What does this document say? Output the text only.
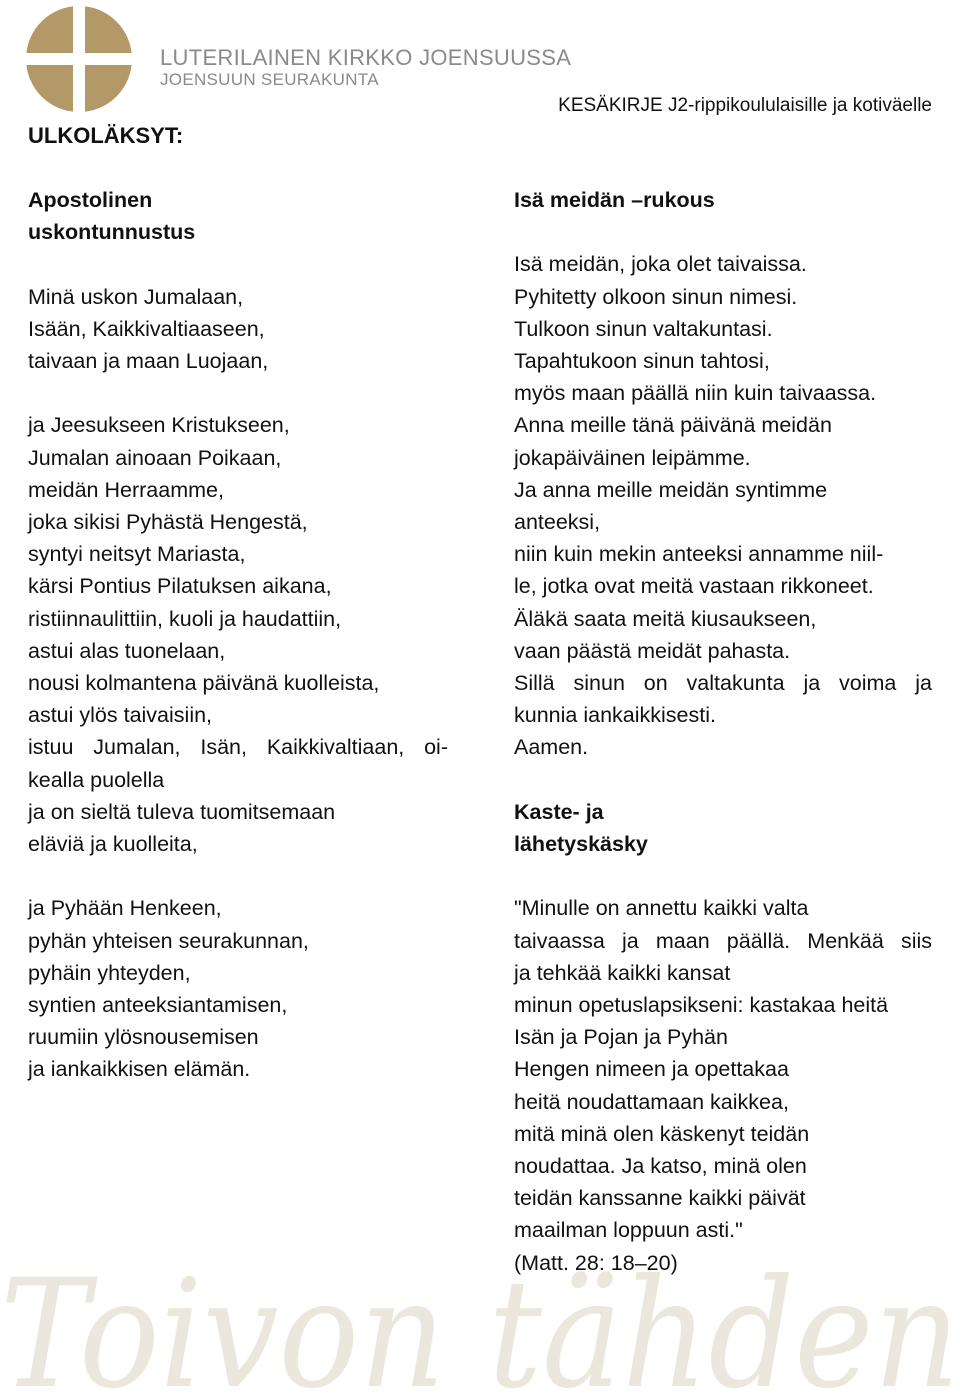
LUTERILAINEN KIRKKO JOENSUUSSA
JOENSUUN SEURAKUNTA
KESÄKIRJE J2-rippikoululaisille ja kotiväelle
ULKOLÄKSYT:
Apostolinen
uskontunnustus
Minä uskon Jumalaan,
Isään, Kaikkivaltiaaseen,
taivaan ja maan Luojaan,
ja Jeesukseen Kristukseen,
Jumalan ainoaan Poikaan,
meidän Herraamme,
joka sikisi Pyhästä Hengestä,
syntyi neitsyt Mariasta,
kärsi Pontius Pilatuksen aikana,
ristiinnaulittiin, kuoli ja haudattiin,
astui alas tuonelaan,
nousi kolmantena päivänä kuolleista,
astui ylös taivaisiin,
istuu Jumalan, Isän, Kaikkivaltiaan, oi-
kealla puolella
ja on sieltä tuleva tuomitsemaan
eläviä ja kuolleita,
ja Pyhään Henkeen,
pyhän yhteisen seurakunnan,
pyhäin yhteyden,
syntien anteeksiantamisen,
ruumiin ylösnousemisen
ja iankaikkisen elämän.
Isä meidän –rukous
Isä meidän, joka olet taivaissa.
Pyhitetty olkoon sinun nimesi.
Tulkoon sinun valtakuntasi.
Tapahtukoon sinun tahtosi,
myös maan päällä niin kuin taivaassa.
Anna meille tänä päivänä meidän
jokapäiväinen leipämme.
Ja anna meille meidän syntimme
anteeksi,
niin kuin mekin anteeksi annamme niil-
le, jotka ovat meitä vastaan rikkoneet.
Äläkä saata meitä kiusaukseen,
vaan päästä meidät pahasta.
Sillä sinun on valtakunta ja voima ja
kunnia iankaikkisesti.
Aamen.
Kaste- ja
lähetyskäsky
"Minulle on annettu kaikki valta
taivaassa ja maan päällä. Menkää siis
ja tehkää kaikki kansat
minun opetuslapsikseni: kastakaa heitä
Isän ja Pojan ja Pyhän
Hengen nimeen ja opettakaa
heitä noudattamaan kaikkea,
mitä minä olen käskenyt teidän
noudattaa. Ja katso, minä olen
teidän kanssanne kaikki päivät
maailman loppuun asti."
(Matt. 28: 18–20)
Toivon tähden
